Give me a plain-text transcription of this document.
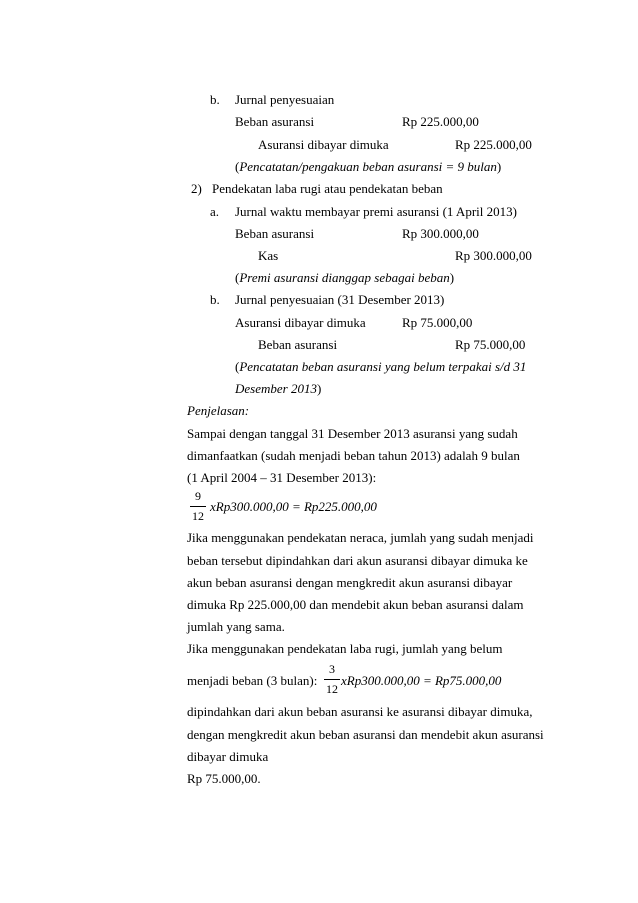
b. Jurnal penyesuaian
Beban asuransi	Rp 225.000,00
Asuransi dibayar dimuka	Rp 225.000,00
(Pencatatan/pengakuan beban asuransi = 9 bulan)
2) Pendekatan laba rugi atau pendekatan beban
a. Jurnal waktu membayar premi asuransi (1 April 2013)
Beban asuransi	Rp 300.000,00
Kas	Rp 300.000,00
(Premi asuransi dianggap sebagai beban)
b. Jurnal penyesuaian (31 Desember 2013)
Asuransi dibayar dimuka	Rp 75.000,00
Beban asuransi	Rp 75.000,00
(Pencatatan beban asuransi yang belum terpakai s/d 31
Desember 2013)
Penjelasan:
Sampai dengan tanggal 31 Desember 2013 asuransi yang sudah
dimanfaatkan (sudah menjadi beban tahun 2013) adalah 9 bulan
(1 April 2004 – 31 Desember 2013):
9
12
xRp300.000,00 = Rp225.000,00
Jika menggunakan pendekatan neraca, jumlah yang sudah menjadi
beban tersebut dipindahkan dari akun asuransi dibayar dimuka ke
akun beban asuransi dengan mengkredit akun asuransi dibayar
dimuka Rp 225.000,00 dan mendebit akun beban asuransi dalam
jumlah yang sama.
Jika menggunakan pendekatan laba rugi, jumlah yang belum
menjadi beban (3 bulan):
3
12
xRp300.000,00 = Rp75.000,00
dipindahkan dari akun beban asuransi ke asuransi dibayar dimuka,
dengan mengkredit akun beban asuransi dan mendebit akun asuransi
dibayar dimuka
Rp 75.000,00.
